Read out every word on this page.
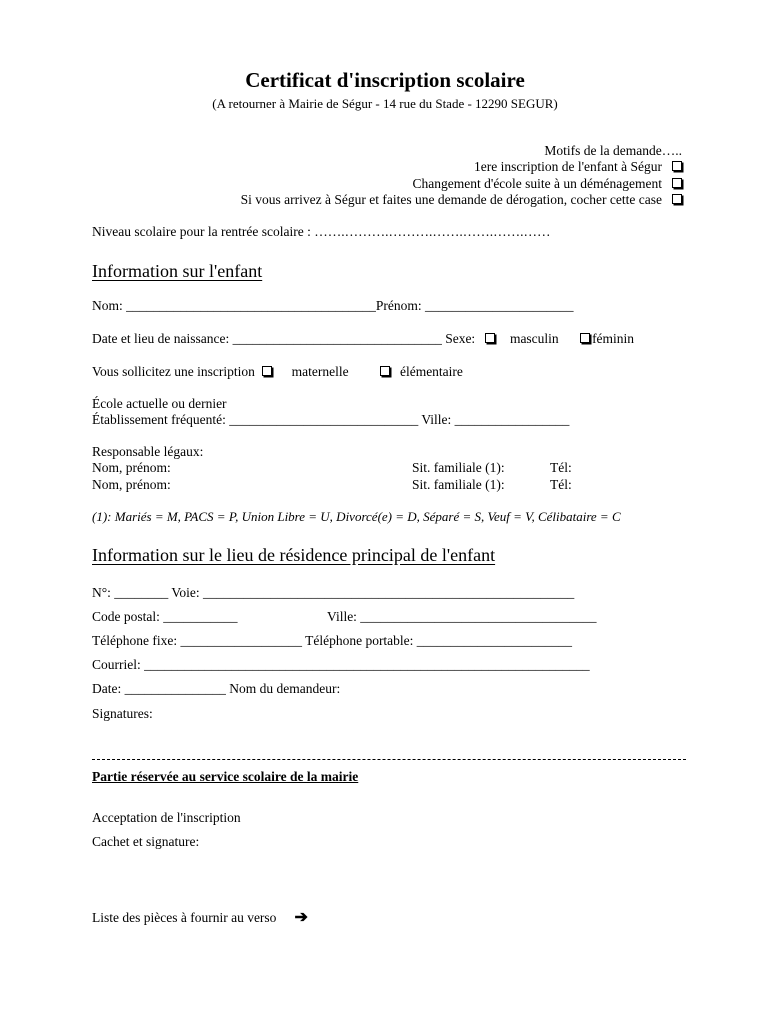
Certificat d'inscription scolaire
(A retourner à Mairie de Ségur - 14 rue du Stade - 12290 SEGUR)
Motifs de la demande…..
1ere inscription de l'enfant à Ségur
Changement d'école suite à un déménagement
Si vous arrivez à Ségur et faites une demande de dérogation, cocher cette case
Niveau scolaire pour la rentrée scolaire : …….……….……….…….…….…….……
Information sur l'enfant
Nom: _____________________________________Prénom: ______________________
Date et lieu de naissance: _______________________________ Sexe:	masculin féminin
Vous sollicitez une inscription	maternelle	élémentaire
École actuelle ou dernier
Établissement fréquenté: ____________________________ Ville: _________________
Responsable légaux:
Nom, prénom:	Sit. familiale (1):	Tél:
Nom, prénom:	Sit. familiale (1):	Tél:
(1): Mariés = M, PACS = P, Union Libre = U, Divorcé(e) = D, Séparé = S, Veuf = V, Célibataire = C
Information sur le lieu de résidence principal de l'enfant
N°: ________ Voie: _______________________________________________________
Code postal: ___________	Ville: ___________________________________
Téléphone fixe: __________________ Téléphone portable: _______________________
Courriel: __________________________________________________________________
Date: _______________ Nom du demandeur:
Signatures:
Partie réservée au service scolaire de la mairie
Acceptation de l'inscription
Cachet et signature:
Liste des pièces à fournir au verso ➔
